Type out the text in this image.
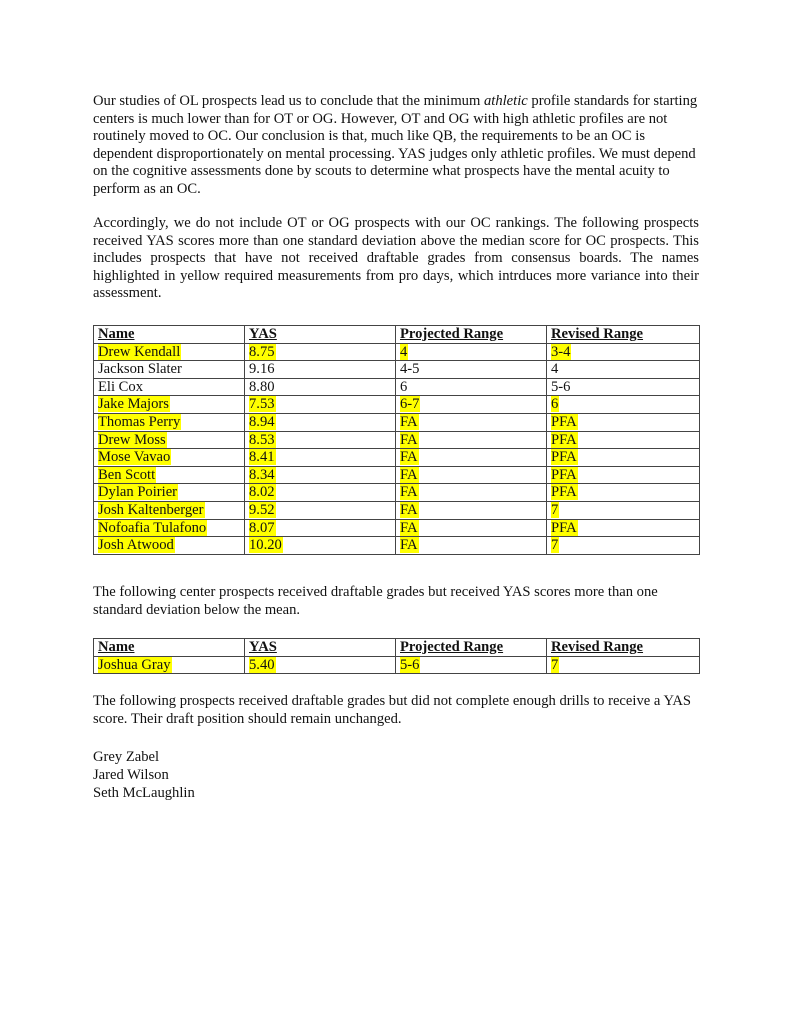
Our studies of OL prospects lead us to conclude that the minimum athletic profile standards for starting centers is much lower than for OT or OG. However, OT and OG with high athletic profiles are not routinely moved to OC. Our conclusion is that, much like QB, the requirements to be an OC is dependent disproportionately on mental processing. YAS judges only athletic profiles. We must depend on the cognitive assessments done by scouts to determine what prospects have the mental acuity to perform as an OC.

Accordingly, we do not include OT or OG prospects with our OC rankings. The following prospects received YAS scores more than one standard deviation above the median score for OC prospects. This includes prospects that have not received draftable grades from consensus boards. The names highlighted in yellow required measurements from pro days, which intrduces more variance into their assessment.

Name	YAS	Projected Range	Revised Range
Drew Kendall	8.75	4	3-4
Jackson Slater	9.16	4-5	4
Eli Cox	8.80	6	5-6
Jake Majors	7.53	6-7	6
Thomas Perry	8.94	FA	PFA
Drew Moss	8.53	FA	PFA
Mose Vavao	8.41	FA	PFA
Ben Scott	8.34	FA	PFA
Dylan Poirier	8.02	FA	PFA
Josh Kaltenberger	9.52	FA	7
Nofoafia Tulafono	8.07	FA	PFA
Josh Atwood	10.20	FA	7

The following center prospects received draftable grades but received YAS scores more than one standard deviation below the mean.

Name	YAS	Projected Range	Revised Range
Joshua Gray	5.40	5-6	7

The following prospects received draftable grades but did not complete enough drills to receive a YAS score. Their draft position should remain unchanged.

Grey Zabel
Jared Wilson
Seth McLaughlin
